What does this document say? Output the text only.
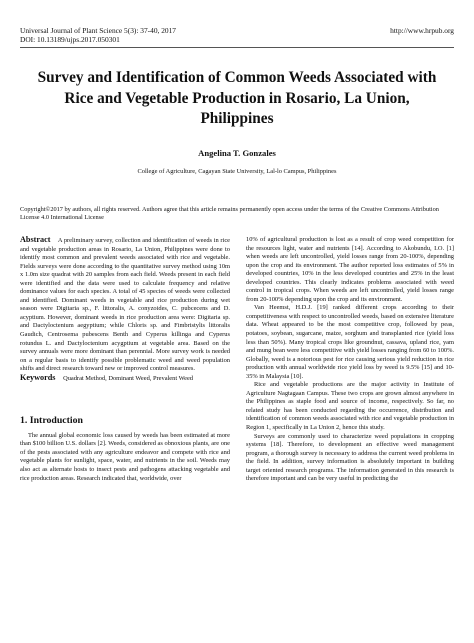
Universal Journal of Plant Science 5(3): 37-40, 2017
DOI: 10.13189/ujps.2017.050301
http://www.hrpub.org
Survey and Identification of Common Weeds Associated with Rice and Vegetable Production in Rosario, La Union, Philippines
Angelina T. Gonzales
College of Agriculture, Cagayan State University, Lal-lo Campus, Philippines
Copyright©2017 by authors, all rights reserved. Authors agree that this article remains permanently open access under the terms of the Creative Commons Attribution License 4.0 International License

Abstract A preliminary survey, collection and identification of weeds in rice and vegetable production areas in Rosario, La Union, Philippines were done to identify most common and prevalent weeds associated with rice and vegetable. Fields surveys were done according to the quantitative survey method using 10m x 1.0m size quadrat with 20 samples from each field. Weeds present in each field were identified and the data were used to calculate frequency and relative dominance values for each species. A total of 45 species of weeds were collected and identified. Dominant weeds in vegetable and rice production during wet season were Digitaria sp., F. littoralis, A. conyzoides, C. pubcecens and D. acyptium. However, dominant weeds in rice production area were: Digitaria sp. and Dactyloctenium aegyptium; while Chloris sp. and Fimbristylis littoralis Gaudich, Centrosema pubescens Benth and Cyperus killinga and Cyperus rotundus L. and Dactyloctenium acygptium at vegetable area. Based on the survey annuals were more dominant than perennial. More survey work is needed on a regular basis to identify possible problematic weed and weed population shifts and direct research toward new or improved control measures.

Keywords Quadrat Method, Dominant Weed, Prevalent Weed

1. Introduction

The annual global economic loss caused by weeds has been estimated at more than $100 billion U.S. dollars [2]. Weeds, considered as obnoxious plants, are one of the pests associated with any agriculture endeavor and compete with rice and vegetable plants for sunlight, space, water, and nutrients in the soil. Weeds may also act as alternate hosts to insect pests and pathogens attacking vegetable and rice production areas. Research indicated that, worldwide, over

10% of agricultural production is lost as a result of crop weed competition for the resources light, water and nutrients [14]. According to Akobundu, I.O. [1] when weeds are left uncontrolled, yield losses range from 20-100%, depending upon the crop and its environment. The author reported loss estimates of 5% in developed countries, 10% in the less developed countries and 25% in the least developed countries. This clearly indicates problems associated with weed control in tropical crops. When weeds are left uncontrolled, yield losses range from 20-100% depending upon the crop and its environment.

Van Heemst, H.D.J. [19] ranked different crops according to their competitiveness with respect to uncontrolled weeds, based on extensive literature data. Wheat appeared to be the most competitive crop, followed by peas, potatoes, soybean, sugarcane, maize, sorghum and transplanted rice (yield loss less than 50%). Many tropical crops like groundnut, cassava, upland rice, yam and mung bean were less competitive with yield losses ranging from 60 to 100%. Globally, weed is a notorious pest for rice causing serious yield reduction in rice production with annual worldwide rice yield loss by weed is 9.5% [15] and 10-35% in Malaysia [10].

Rice and vegetable productions are the major activity in Institute of Agriculture Nagtagaan Campus. These two crops are grown almost anywhere in the Philippines as staple food and source of income, respectively. So far, no related study has been conducted regarding the occurrence, distribution and identification of common weeds associated with rice and vegetable production in Region 1, specifically in La Union 2, hence this study.

Surveys are commonly used to characterize weed populations in cropping systems [18]. Therefore, to development an effective weed management program, a thorough survey is necessary to address the current weed problems in the field. In addition, survey information is absolutely important in building target oriented research programs. The information generated in this research is therefore important and can be very useful in predicting the
